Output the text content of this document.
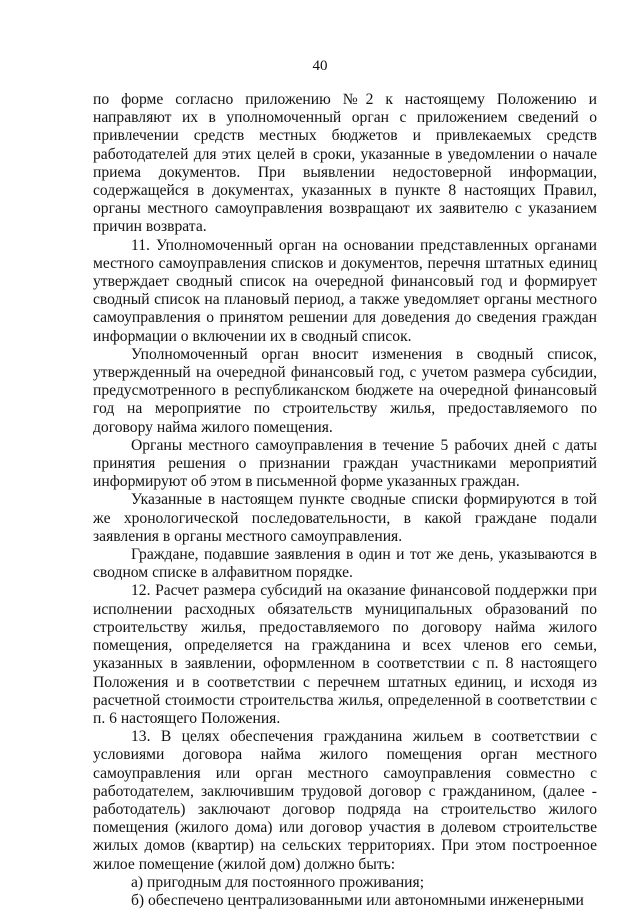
40

по форме согласно приложению №2 к настоящему Положению и направляют их в уполномоченный орган с приложением сведений о привлечении средств местных бюджетов и привлекаемых средств работодателей для этих целей в сроки, указанные в уведомлении о начале приема документов. При выявлении недостоверной информации, содержащейся в документах, указанных в пункте 8 настоящих Правил, органы местного самоуправления возвращают их заявителю с указанием причин возврата.

11. Уполномоченный орган на основании представленных органами местного самоуправления списков и документов, перечня штатных единиц утверждает сводный список на очередной финансовый год и формирует сводный список на плановый период, а также уведомляет органы местного самоуправления о принятом решении для доведения до сведения граждан информации о включении их в сводный список.

Уполномоченный орган вносит изменения в сводный список, утвержденный на очередной финансовый год, с учетом размера субсидии, предусмотренного в республиканском бюджете на очередной финансовый год на мероприятие по строительству жилья, предоставляемого по договору найма жилого помещения.

Органы местного самоуправления в течение 5 рабочих дней с даты принятия решения о признании граждан участниками мероприятий информируют об этом в письменной форме указанных граждан.

Указанные в настоящем пункте сводные списки формируются в той же хронологической последовательности, в какой граждане подали заявления в органы местного самоуправления.

Граждане, подавшие заявления в один и тот же день, указываются в сводном списке в алфавитном порядке.

12. Расчет размера субсидий на оказание финансовой поддержки при исполнении расходных обязательств муниципальных образований по строительству жилья, предоставляемого по договору найма жилого помещения, определяется на гражданина и всех членов его семьи, указанных в заявлении, оформленном в соответствии с п. 8 настоящего Положения и в соответствии с перечнем штатных единиц, и исходя из расчетной стоимости строительства жилья, определенной в соответствии с п. 6 настоящего Положения.

13. В целях обеспечения гражданина жильем в соответствии с условиями договора найма жилого помещения орган местного самоуправления или орган местного самоуправления совместно с работодателем, заключившим трудовой договор с гражданином, (далее - работодатель) заключают договор подряда на строительство жилого помещения (жилого дома) или договор участия в долевом строительстве жилых домов (квартир) на сельских территориях. При этом построенное жилое помещение (жилой дом) должно быть:

а) пригодным для постоянного проживания;

б) обеспечено централизованными или автономными инженерными
